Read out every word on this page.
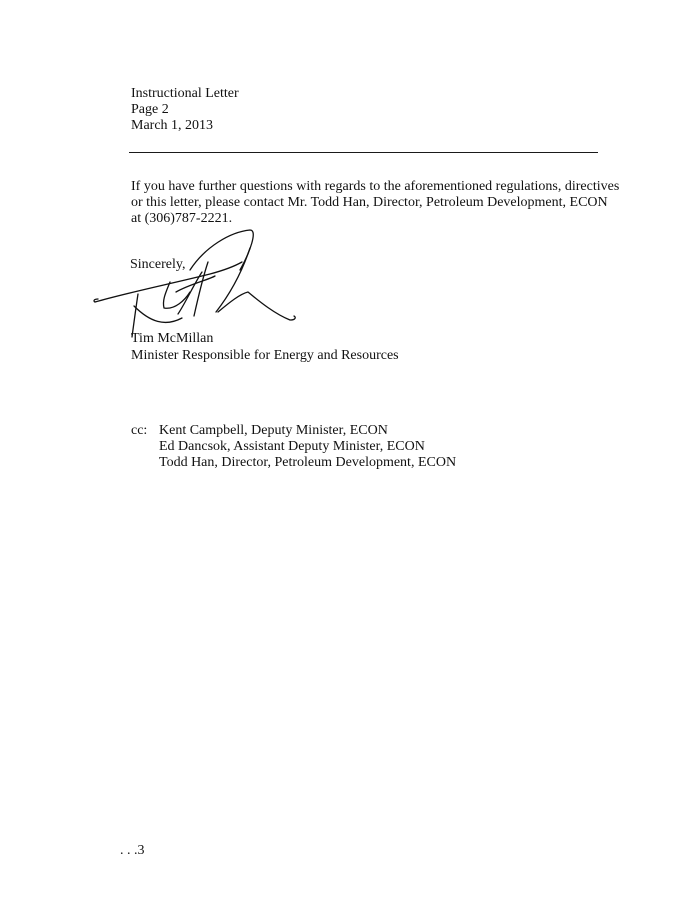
Instructional Letter
Page 2
March 1, 2013
If you have further questions with regards to the aforementioned regulations, directives
or this letter, please contact Mr. Todd Han, Director, Petroleum Development, ECON
at (306)787-2221.
Sincerely,
Tim McMillan
Minister Responsible for Energy and Resources
cc: Kent Campbell, Deputy Minister, ECON
Ed Dancsok, Assistant Deputy Minister, ECON
Todd Han, Director, Petroleum Development, ECON
. . .3
